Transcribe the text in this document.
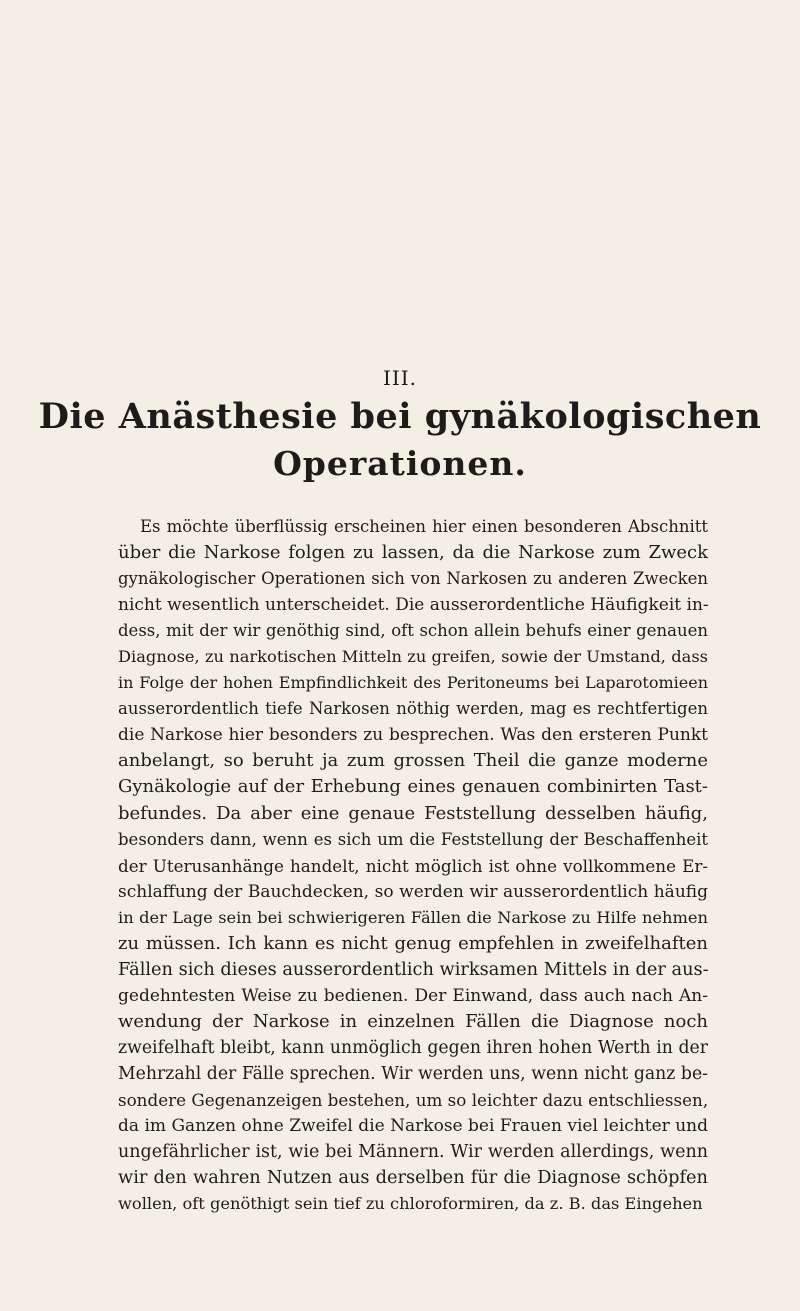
III.
Die Anästhesie bei gynäkologischen
Operationen.
Es möchte überflüssig erscheinen hier einen besonderen Abschnitt
über die Narkose folgen zu lassen, da die Narkose zum Zweck
gynäkologischer Operationen sich von Narkosen zu anderen Zwecken
nicht wesentlich unterscheidet. Die ausserordentliche Häufigkeit in-
dess, mit der wir genöthig sind, oft schon allein behufs einer genauen
Diagnose, zu narkotischen Mitteln zu greifen, sowie der Umstand, dass
in Folge der hohen Empfindlichkeit des Peritoneums bei Laparotomieen
ausserordentlich tiefe Narkosen nöthig werden, mag es rechtfertigen
die Narkose hier besonders zu besprechen. Was den ersteren Punkt
anbelangt, so beruht ja zum grossen Theil die ganze moderne
Gynäkologie auf der Erhebung eines genauen combinirten Tast-
befundes. Da aber eine genaue Feststellung desselben häufig,
besonders dann, wenn es sich um die Feststellung der Beschaffenheit
der Uterusanhänge handelt, nicht möglich ist ohne vollkommene Er-
schlaffung der Bauchdecken, so werden wir ausserordentlich häufig
in der Lage sein bei schwierigeren Fällen die Narkose zu Hilfe nehmen
zu müssen. Ich kann es nicht genug empfehlen in zweifelhaften
Fällen sich dieses ausserordentlich wirksamen Mittels in der aus-
gedehntesten Weise zu bedienen. Der Einwand, dass auch nach An-
wendung der Narkose in einzelnen Fällen die Diagnose noch
zweifelhaft bleibt, kann unmöglich gegen ihren hohen Werth in der
Mehrzahl der Fälle sprechen. Wir werden uns, wenn nicht ganz be-
sondere Gegenanzeigen bestehen, um so leichter dazu entschliessen,
da im Ganzen ohne Zweifel die Narkose bei Frauen viel leichter und
ungefährlicher ist, wie bei Männern. Wir werden allerdings, wenn
wir den wahren Nutzen aus derselben für die Diagnose schöpfen
wollen, oft genöthigt sein tief zu chloroformiren, da z. B. das Eingehen
